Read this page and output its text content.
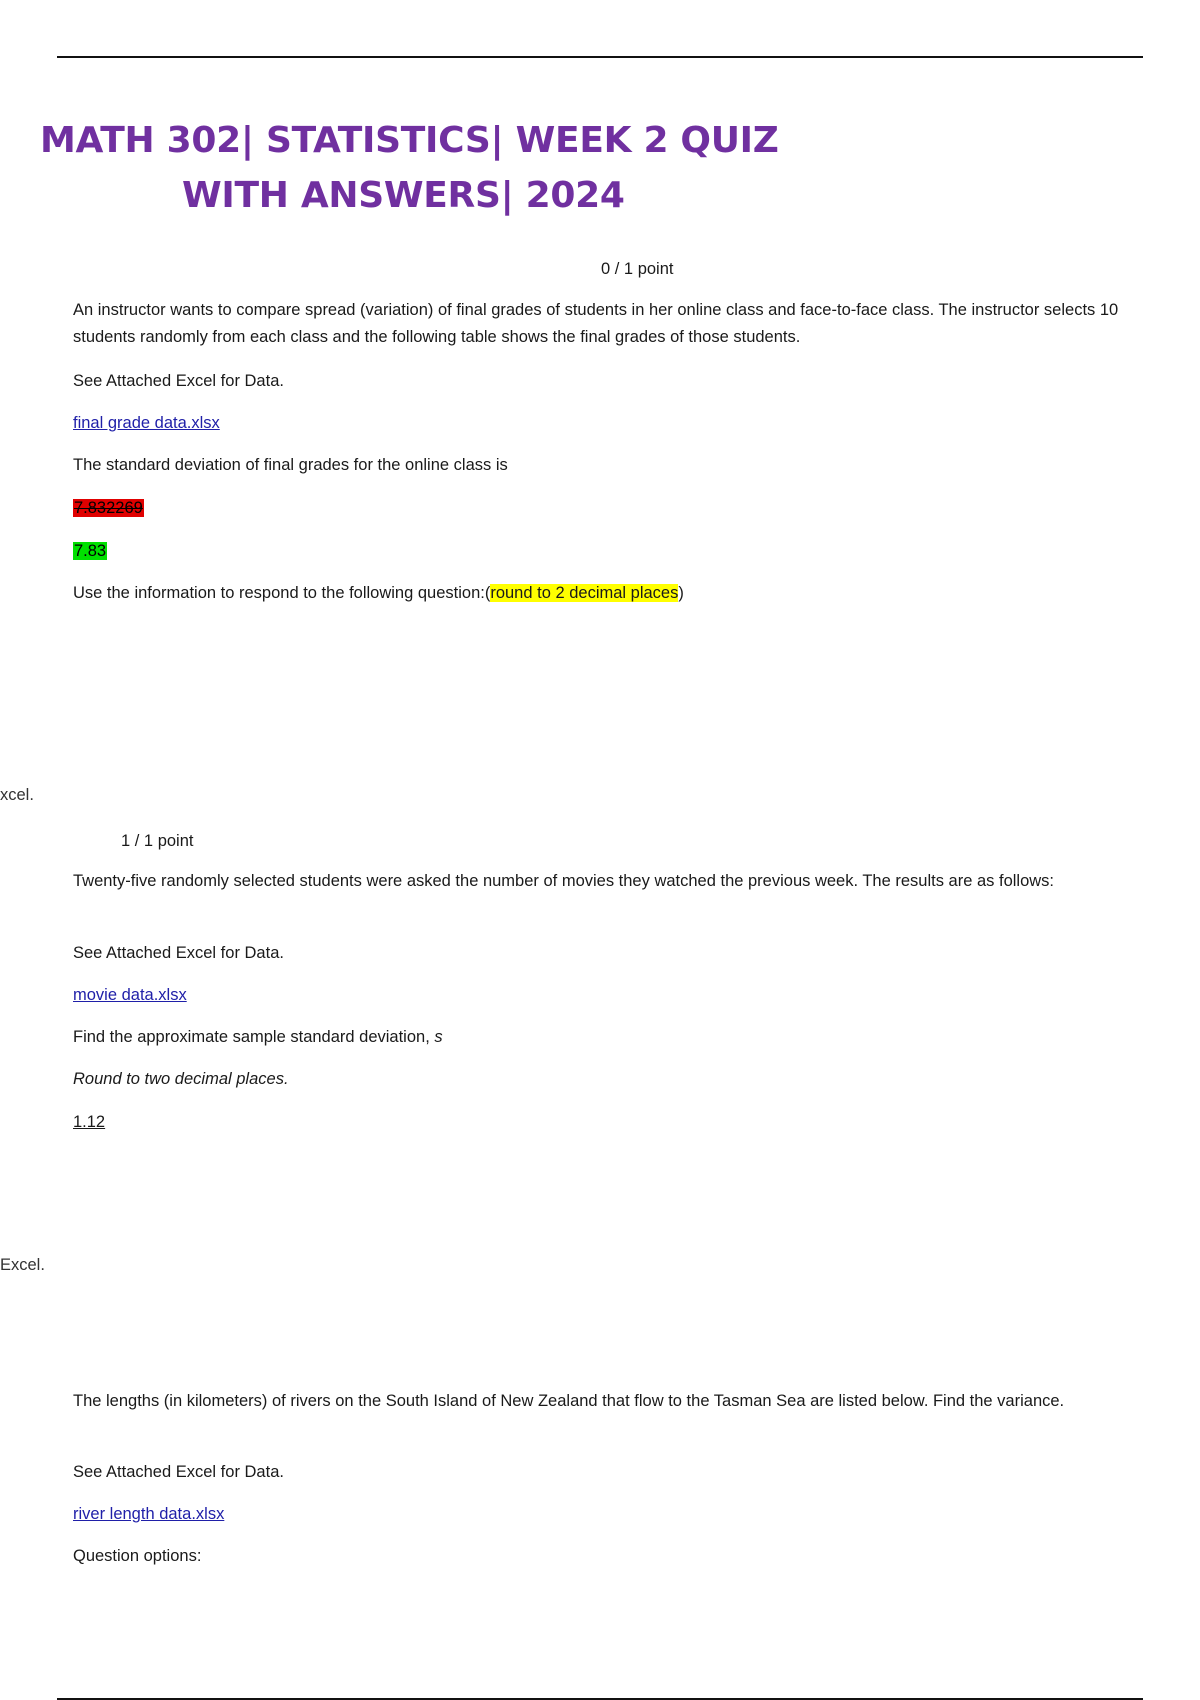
MATH 302| STATISTICS| WEEK 2 QUIZ
WITH ANSWERS| 2024
0 / 1 point
An instructor wants to compare spread (variation) of final grades of students in her online class and face-to-face class. The instructor selects 10 students randomly from each class and the following table shows the final grades of those students.
See Attached Excel for Data.
final grade data.xlsx
The standard deviation of final grades for the online class is
7.832269
7.83
Use the information to respond to the following question:(round to 2 decimal places)
xcel.
1 / 1 point
Twenty-five randomly selected students were asked the number of movies they watched the previous week. The results are as follows:
See Attached Excel for Data.
movie data.xlsx
Find the approximate sample standard deviation, s
Round to two decimal places.
1.12
Excel.
The lengths (in kilometers) of rivers on the South Island of New Zealand that flow to the Tasman Sea are listed below. Find the variance.
See Attached Excel for Data.
river length data.xlsx
Question options:
